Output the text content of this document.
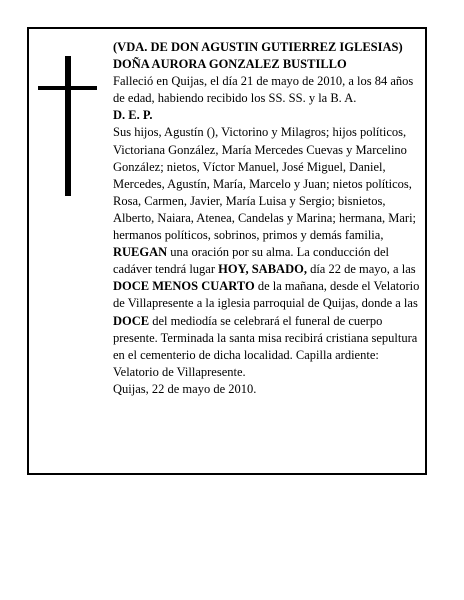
(VDA. DE DON AGUSTIN GUTIERREZ IGLESIAS)

DOÑA AURORA GONZALEZ BUSTILLO

Falleció en Quijas, el día 21 de mayo de 2010, a los 84 años de edad, habiendo recibido los SS. SS. y la B. A.

D. E. P.

Sus hijos, Agustín (), Victorino y Milagros; hijos políticos, Victoriana González, María Mercedes Cuevas y Marcelino González; nietos, Víctor Manuel, José Miguel, Daniel, Mercedes, Agustín, María, Marcelo y Juan; nietos políticos, Rosa, Carmen, Javier, María Luisa y Sergio; bisnietos, Alberto, Naiara, Atenea, Candelas y Marina; hermana, Mari; hermanos políticos, sobrinos, primos y demás familia,

RUEGAN una oración por su alma. La conducción del cadáver tendrá lugar HOY, SABADO, día 22 de mayo, a las DOCE MENOS CUARTO de la mañana, desde el Velatorio de Villapresente a la iglesia parroquial de Quijas, donde a las DOCE del mediodía se celebrará el funeral de cuerpo presente. Terminada la santa misa recibirá cristiana sepultura en el cementerio de dicha localidad. Capilla ardiente: Velatorio de Villapresente.

Quijas, 22 de mayo de 2010.
